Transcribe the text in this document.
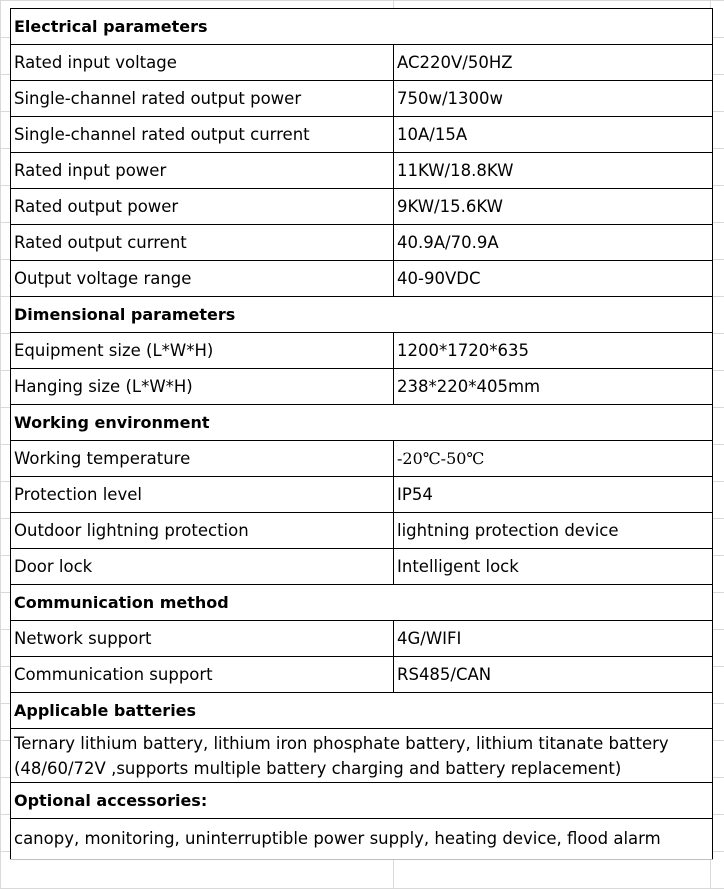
Electrical parameters	
Rated input voltage	AC220V/50HZ
Single-channel rated output power	750w/1300w
Single-channel rated output current	10A/15A
Rated input power	11KW/18.8KW
Rated output power	9KW/15.6KW
Rated output current	40.9A/70.9A
Output voltage range	40-90VDC
Dimensional parameters	
Equipment size (L*W*H)	1200*1720*635
Hanging size (L*W*H)	238*220*405mm
Working environment	
Working temperature	-20℃-50℃
Protection level	IP54
Outdoor lightning protection	lightning protection device
Door lock	Intelligent lock
Communication method	
Network support	4G/WIFI
Communication support	RS485/CAN
Applicable batteries	
Ternary lithium battery, lithium iron phosphate battery, lithium titanate battery (48/60/72V ,supports multiple battery charging and battery replacement)	
Optional accessories:	
canopy, monitoring, uninterruptible power supply, heating device, flood alarm	
